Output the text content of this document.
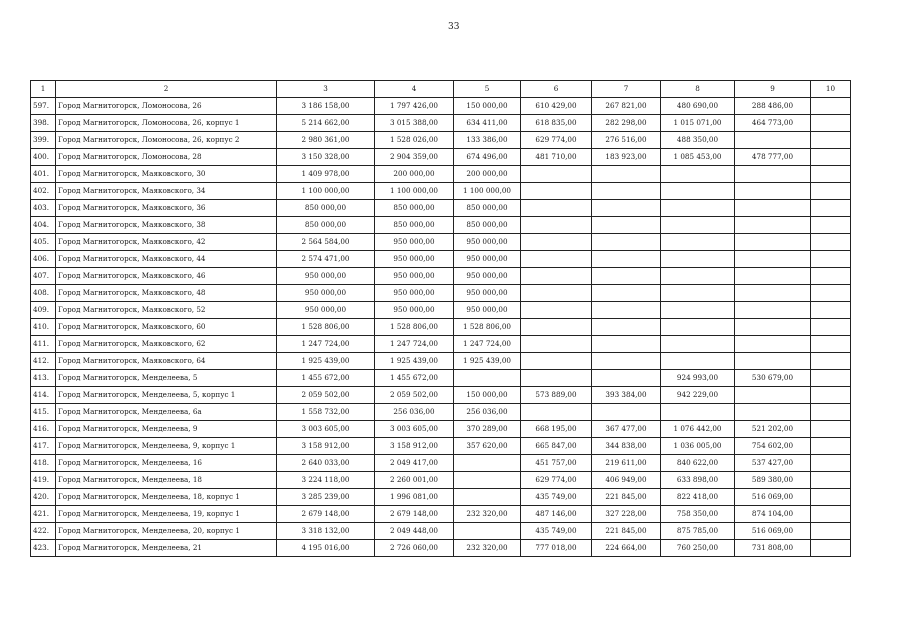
33
1	2	3	4	5	6	7	8	9	10
597.	Город Магнитогорск, Ломоносова, 26	3 186 158,00	1 797 426,00	150 000,00	610 429,00	267 821,00	480 690,00	288 486,00	
398.	Город Магнитогорск, Ломоносова, 26, корпус 1	5 214 662,00	3 015 388,00	634 411,00	618 835,00	282 298,00	1 015 071,00	464 773,00	
399.	Город Магнитогорск, Ломоносова, 26, корпус 2	2 980 361,00	1 528 026,00	133 386,00	629 774,00	276 516,00	488 350,00		
400.	Город Магнитогорск, Ломоносова, 28	3 150 328,00	2 904 359,00	674 496,00	481 710,00	183 923,00	1 085 453,00	478 777,00	
401.	Город Магнитогорск, Маяковского, 30	1 409 978,00	200 000,00	200 000,00					
402.	Город Магнитогорск, Маяковского, 34	1 100 000,00	1 100 000,00	1 100 000,00					
403.	Город Магнитогорск, Маяковского, 36	850 000,00	850 000,00	850 000,00					
404.	Город Магнитогорск, Маяковского, 38	850 000,00	850 000,00	850 000,00					
405.	Город Магнитогорск, Маяковского, 42	2 564 584,00	950 000,00	950 000,00					
406.	Город Магнитогорск, Маяковского, 44	2 574 471,00	950 000,00	950 000,00					
407.	Город Магнитогорск, Маяковского, 46	950 000,00	950 000,00	950 000,00					
408.	Город Магнитогорск, Маяковского, 48	950 000,00	950 000,00	950 000,00					
409.	Город Магнитогорск, Маяковского, 52	950 000,00	950 000,00	950 000,00					
410.	Город Магнитогорск, Маяковского, 60	1 528 806,00	1 528 806,00	1 528 806,00					
411.	Город Магнитогорск, Маяковского, 62	1 247 724,00	1 247 724,00	1 247 724,00					
412.	Город Магнитогорск, Маяковского, 64	1 925 439,00	1 925 439,00	1 925 439,00					
413.	Город Магнитогорск, Менделеева, 5	1 455 672,00	1 455 672,00				924 993,00	530 679,00	
414.	Город Магнитогорск, Менделеева, 5, корпус 1	2 059 502,00	2 059 502,00	150 000,00	573 889,00	393 384,00	942 229,00		
415.	Город Магнитогорск, Менделеева, 6а	1 558 732,00	256 036,00	256 036,00					
416.	Город Магнитогорск, Менделеева, 9	3 003 605,00	3 003 605,00	370 289,00	668 195,00	367 477,00	1 076 442,00	521 202,00	
417.	Город Магнитогорск, Менделеева, 9, корпус 1	3 158 912,00	3 158 912,00	357 620,00	665 847,00	344 838,00	1 036 005,00	754 602,00	
418.	Город Магнитогорск, Менделеева, 16	2 640 033,00	2 049 417,00		451 757,00	219 611,00	840 622,00	537 427,00	
419.	Город Магнитогорск, Менделеева, 18	3 224 118,00	2 260 001,00		629 774,00	406 949,00	633 898,00	589 380,00	
420.	Город Магнитогорск, Менделеева, 18, корпус 1	3 285 239,00	1 996 081,00		435 749,00	221 845,00	822 418,00	516 069,00	
421.	Город Магнитогорск, Менделеева, 19, корпус 1	2 679 148,00	2 679 148,00	232 320,00	487 146,00	327 228,00	758 350,00	874 104,00	
422.	Город Магнитогорск, Менделеева, 20, корпус 1	3 318 132,00	2 049 448,00		435 749,00	221 845,00	875 785,00	516 069,00	
423.	Город Магнитогорск, Менделеева, 21	4 195 016,00	2 726 060,00	232 320,00	777 018,00	224 664,00	760 250,00	731 808,00	
